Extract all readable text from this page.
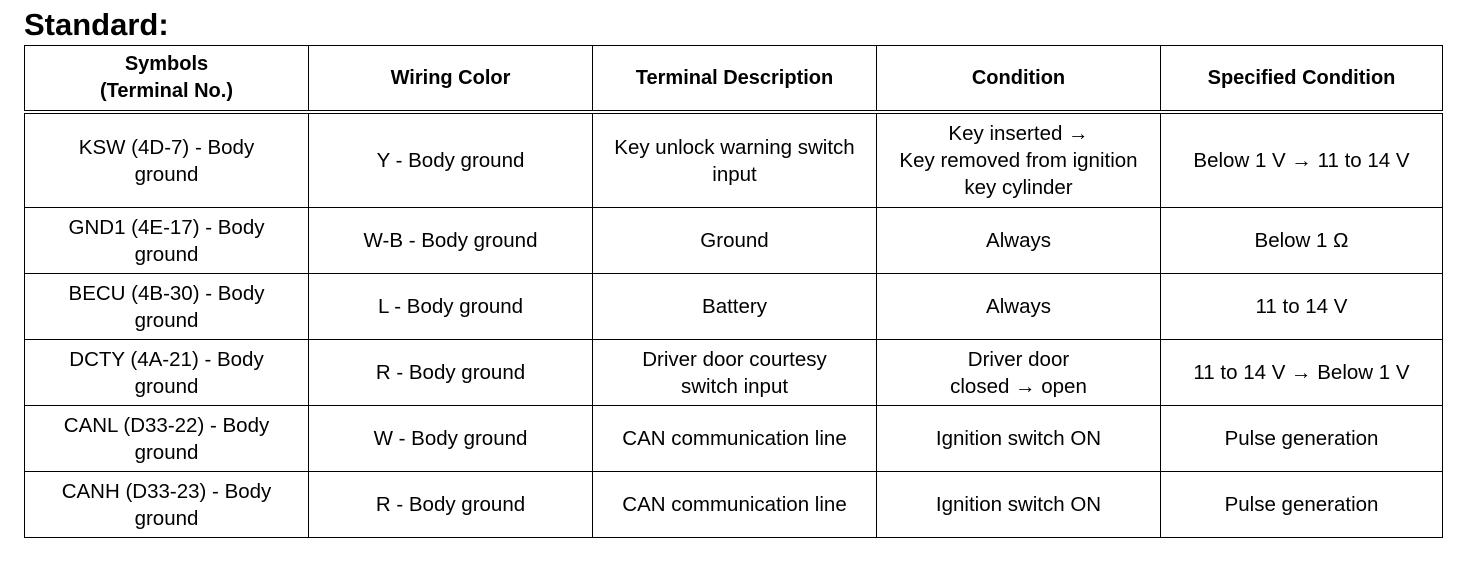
Standard:
Symbols
(Terminal No.)	Wiring Color	Terminal Description	Condition	Specified Condition

KSW (4D-7) - Body
ground	Y - Body ground	Key unlock warning switch
input	Key inserted →
Key removed from ignition
key cylinder	Below 1 V → 11 to 14 V

GND1 (4E-17) - Body
ground	W-B - Body ground	Ground	Always	Below 1 Ω

BECU (4B-30) - Body
ground	L - Body ground	Battery	Always	11 to 14 V

DCTY (4A-21) - Body
ground	R - Body ground	Driver door courtesy
switch input	Driver door
closed → open	11 to 14 V → Below 1 V

CANL (D33-22) - Body
ground	W - Body ground	CAN communication line	Ignition switch ON	Pulse generation

CANH (D33-23) - Body
ground	R - Body ground	CAN communication line	Ignition switch ON	Pulse generation
